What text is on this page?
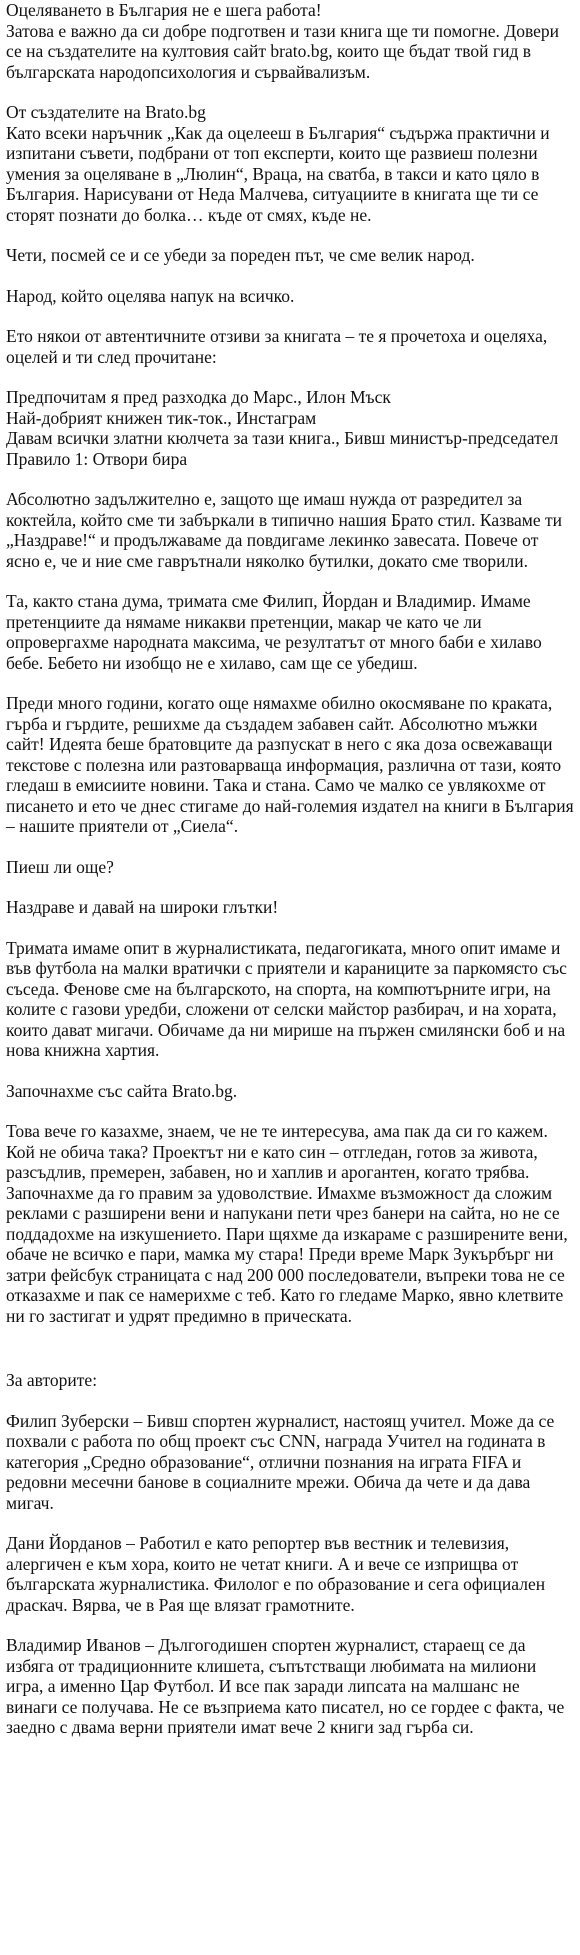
Оцеляването в България не е шега работа!

Затова е важно да си добре подготвен и тази книга ще ти помогне. Довери се на създателите на култовия сайт brato.bg, които ще бъдат твой гид в българската народопсихология и сървайвализъм.

От създателите на Brato.bg

Като всеки наръчник „Как да оцелееш в България“ съдържа практични и изпитани съвети, подбрани от топ експерти, които ще развиеш полезни умения за оцеляване в „Люлин“, Враца, на сватба, в такси и като цяло в България. Нарисувани от Неда Малчева, ситуациите в книгата ще ти се сторят познати до болка… къде от смях, къде не.

Чети, посмей се и се убеди за пореден път, че сме велик народ.

Народ, който оцелява напук на всичко.

Ето някои от автентичните отзиви за книгата – те я прочетоха и оцеляха, оцелей и ти след прочитане:

Предпочитам я пред разходка до Марс., Илон Мъск

Най-добрият книжен тик-ток., Инстаграм

Давам всички златни кюлчета за тази книга., Бивш министър-председател

Правило 1: Отвори бира

Абсолютно задължително е, защото ще имаш нужда от разредител за коктейла, който сме ти забъркали в типично нашия Брато стил. Казваме ти „Наздраве!“ и продължаваме да повдигаме лекинко завесата. Повече от ясно е, че и ние сме гаврътнали няколко бутилки, докато сме творили.

Та, както стана дума, тримата сме Филип, Йордан и Владимир. Имаме претенциите да нямаме никакви претенции, макар че като че ли опровергахме народната максима, че резултатът от много баби е хилаво бебе. Бебето ни изобщо не е хилаво, сам ще се убедиш.

Преди много години, когато още нямахме обилно окосмяване по краката, гърба и гърдите, решихме да създадем забавен сайт. Абсолютно мъжки сайт! Идеята беше братовците да разпускат в него с яка доза освежаващи текстове с полезна или разтоварваща информация, различна от тази, която гледаш в емисиите новини. Така и стана. Само че малко се увлякохме от писането и ето че днес стигаме до най-големия издател на книги в България – нашите приятели от „Сиела“.

Пиеш ли още?

Наздраве и давай на широки глътки!

Тримата имаме опит в журналистиката, педагогиката, много опит имаме и във футбола на малки вратички с приятели и караниците за паркомясто със съседа. Фенове сме на българското, на спорта, на компютърните игри, на колите с газови уредби, сложени от селски майстор разбирач, и на хората, които дават мигачи. Обичаме да ни мирише на пържен смилянски боб и на нова книжна хартия.

Започнахме със сайта Brato.bg.

Това вече го казахме, знаем, че не те интересува, ама пак да си го кажем. Кой не обича така? Проектът ни е като син – отгледан, готов за живота, разсъдлив, премерен, забавен, но и хаплив и арогантен, когато трябва. Започнахме да го правим за удоволствие. Имахме възможност да сложим реклами с разширени вени и напукани пети чрез банери на сайта, но не се поддадохме на изкушението. Пари щяхме да изкараме с разширените вени, обаче не всичко е пари, мамка му стара! Преди време Марк Зукърбърг ни затри фейсбук страницата с над 200 000 последователи, въпреки това не се отказахме и пак се намерихме с теб. Като го гледаме Марко, явно клетвите ни го застигат и удрят предимно в прическата.

За авторите:

Филип Зуберски – Бивш спортен журналист, настоящ учител. Може да се похвали с работа по общ проект със CNN, награда Учител на годината в категория „Средно образование“, отлични познания на играта FIFA и редовни месечни банове в социалните мрежи. Обича да чете и да дава мигач.

Дани Йорданов – Работил е като репортер във вестник и телевизия, алергичен е към хора, които не четат книги. А и вече се изприщва от българската журналистика. Филолог е по образование и сега официален драскач. Вярва, че в Рая ще влязат грамотните.

Владимир Иванов – Дългогодишен спортен журналист, стараещ се да избяга от традиционните клишета, съпътстващи любимата на милиони игра, а именно Цар Футбол. И все пак заради липсата на малшанс не винаги се получава. Не се възприема като писател, но се гордее с факта, че заедно с двама верни приятели имат вече 2 книги зад гърба си.
